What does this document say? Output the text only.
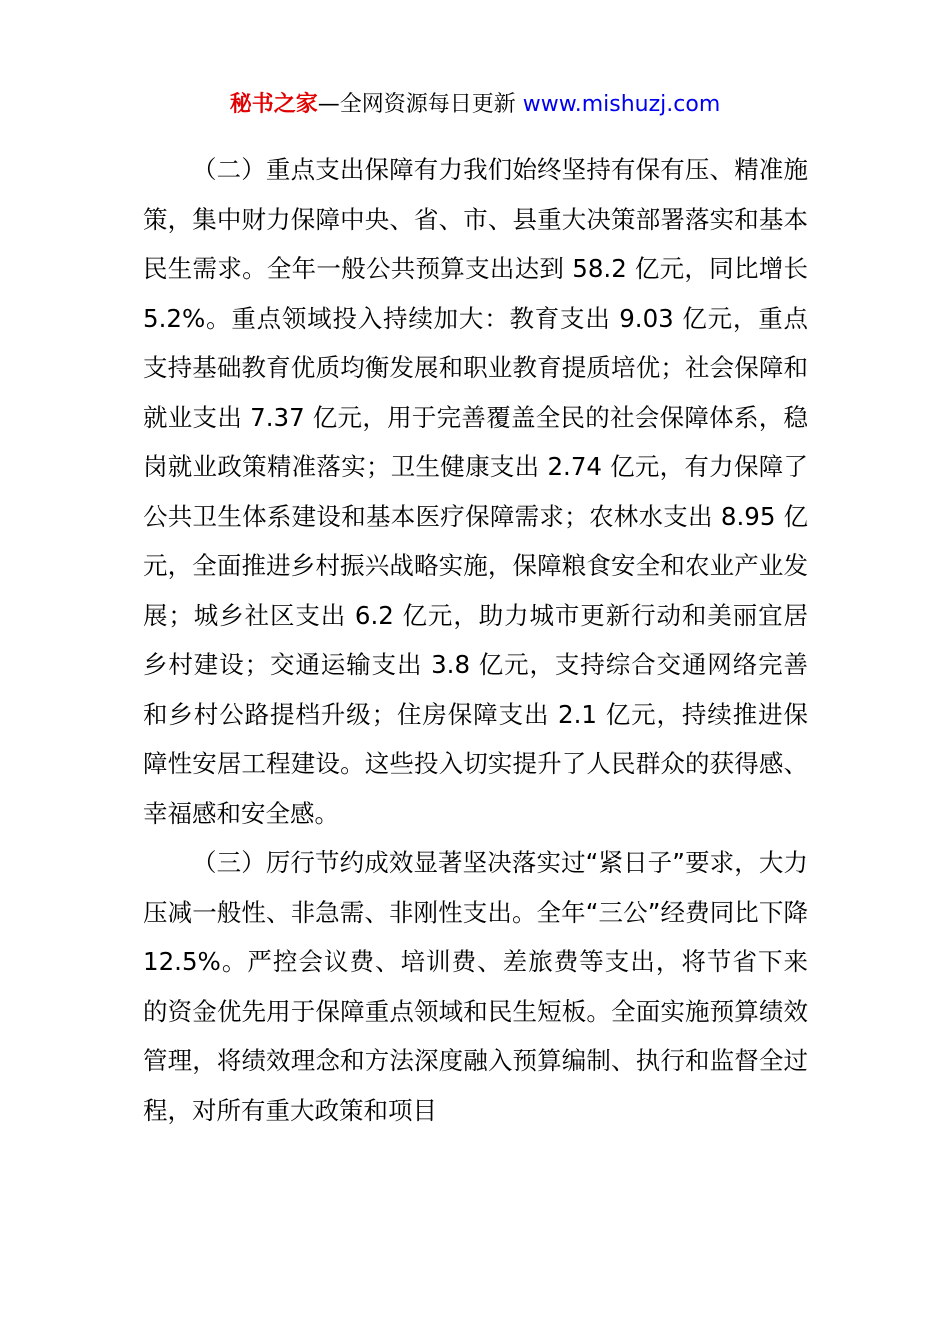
秘书之家—全网资源每日更新 www.mishuzj.com

（二）重点支出保障有力我们始终坚持有保有压、精准施策，集中财力保障中央、省、市、县重大决策部署落实和基本民生需求。全年一般公共预算支出达到 58.2 亿元，同比增长 5.2%。重点领域投入持续加大：教育支出 9.03 亿元，重点支持基础教育优质均衡发展和职业教育提质培优；社会保障和就业支出 7.37 亿元，用于完善覆盖全民的社会保障体系，稳岗就业政策精准落实；卫生健康支出 2.74 亿元，有力保障了公共卫生体系建设和基本医疗保障需求；农林水支出 8.95 亿元，全面推进乡村振兴战略实施，保障粮食安全和农业产业发展；城乡社区支出 6.2 亿元，助力城市更新行动和美丽宜居乡村建设；交通运输支出 3.8 亿元，支持综合交通网络完善和乡村公路提档升级；住房保障支出 2.1 亿元，持续推进保障性安居工程建设。这些投入切实提升了人民群众的获得感、幸福感和安全感。

（三）厉行节约成效显著坚决落实过“紧日子”要求，大力压减一般性、非急需、非刚性支出。全年“三公”经费同比下降 12.5%。严控会议费、培训费、差旅费等支出，将节省下来的资金优先用于保障重点领域和民生短板。全面实施预算绩效管理，将绩效理念和方法深度融入预算编制、执行和监督全过程，对所有重大政策和项目
